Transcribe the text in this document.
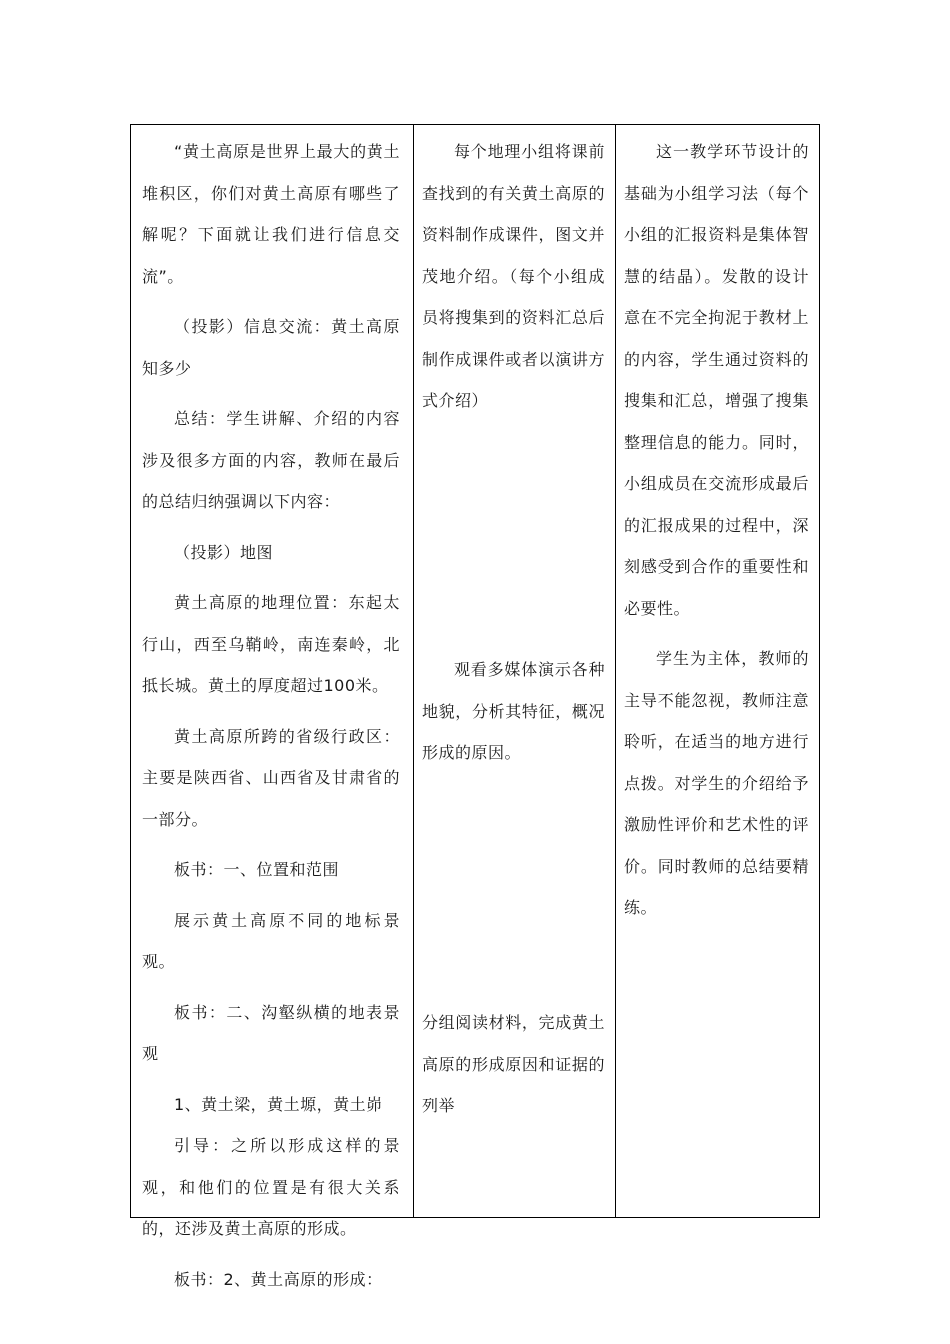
“黄土高原是世界上最大的黄土堆积区，你们对黄土高原有哪些了解呢？下面就让我们进行信息交流”。

（投影）信息交流：黄土高原知多少

总结：学生讲解、介绍的内容涉及很多方面的内容，教师在最后的总结归纳强调以下内容：

（投影）地图

黄土高原的地理位置：东起太行山，西至乌鞘岭，南连秦岭，北抵长城。黄土的厚度超过100米。

黄土高原所跨的省级行政区：主要是陕西省、山西省及甘肃省的一部分。

板书：一、位置和范围

展示黄土高原不同的地标景观。

板书：二、沟壑纵横的地表景观

1、黄土梁，黄土塬，黄土峁

引导：之所以形成这样的景观，和他们的位置是有很大关系的，还涉及黄土高原的形成。

板书：2、黄土高原的形成：

每个地理小组将课前查找到的有关黄土高原的资料制作成课件，图文并茂地介绍。（每个小组成员将搜集到的资料汇总后制作成课件或者以演讲方式介绍）

观看多媒体演示各种地貌，分析其特征，概况形成的原因。

分组阅读材料，完成黄土高原的形成原因和证据的列举

这一教学环节设计的基础为小组学习法（每个小组的汇报资料是集体智慧的结晶）。发散的设计意在不完全拘泥于教材上的内容，学生通过资料的搜集和汇总，增强了搜集整理信息的能力。同时，小组成员在交流形成最后的汇报成果的过程中，深刻感受到合作的重要性和必要性。

学生为主体，教师的主导不能忽视，教师注意聆听，在适当的地方进行点拨。对学生的介绍给予激励性评价和艺术性的评价。同时教师的总结要精练。
